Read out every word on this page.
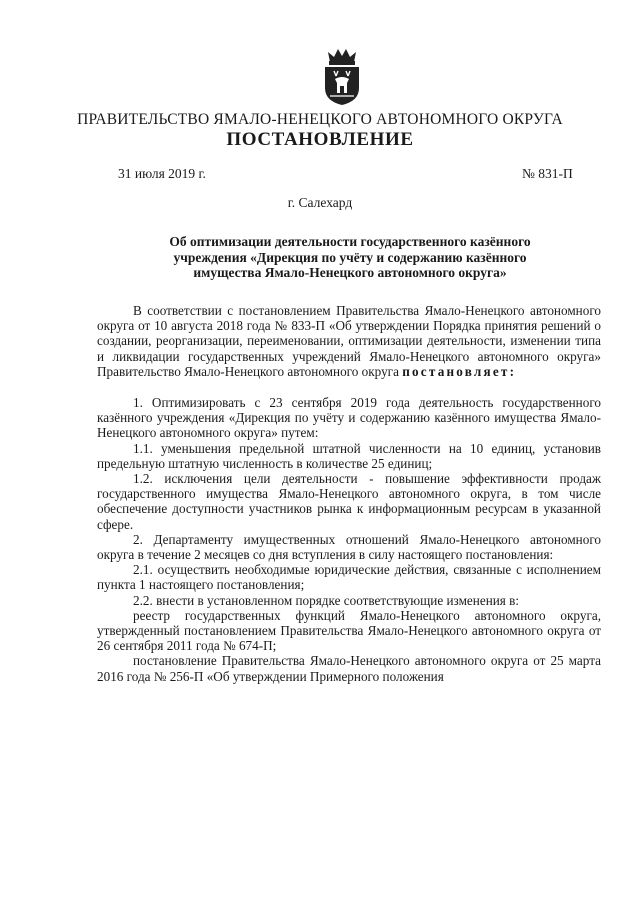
ПРАВИТЕЛЬСТВО ЯМАЛО-НЕНЕЦКОГО АВТОНОМНОГО ОКРУГА
ПОСТАНОВЛЕНИЕ
31 июля 2019 г.	№ 831-П
г. Салехард
Об оптимизации деятельности государственного казённого учреждения «Дирекция по учёту и содержанию казённого имущества Ямало-Ненецкого автономного округа»

В соответствии с постановлением Правительства Ямало-Ненецкого автономного округа от 10 августа 2018 года № 833-П «Об утверждении Порядка принятия решений о создании, реорганизации, переименовании, оптимизации деятельности, изменении типа и ликвидации государственных учреждений Ямало-Ненецкого автономного округа» Правительство Ямало-Ненецкого автономного округа постановляет:

1. Оптимизировать с 23 сентября 2019 года деятельность государственного казённого учреждения «Дирекция по учёту и содержанию казённого имущества Ямало-Ненецкого автономного округа» путем:

1.1. уменьшения предельной штатной численности на 10 единиц, установив предельную штатную численность в количестве 25 единиц;

1.2. исключения цели деятельности - повышение эффективности продаж государственного имущества Ямало-Ненецкого автономного округа, в том числе обеспечение доступности участников рынка к информационным ресурсам в указанной сфере.

2. Департаменту имущественных отношений Ямало-Ненецкого автономного округа в течение 2 месяцев со дня вступления в силу настоящего постановления:

2.1. осуществить необходимые юридические действия, связанные с исполнением пункта 1 настоящего постановления;

2.2. внести в установленном порядке соответствующие изменения в:

реестр государственных функций Ямало-Ненецкого автономного округа, утвержденный постановлением Правительства Ямало-Ненецкого автономного округа от 26 сентября 2011 года № 674-П;

постановление Правительства Ямало-Ненецкого автономного округа от 25 марта 2016 года № 256-П «Об утверждении Примерного положения
